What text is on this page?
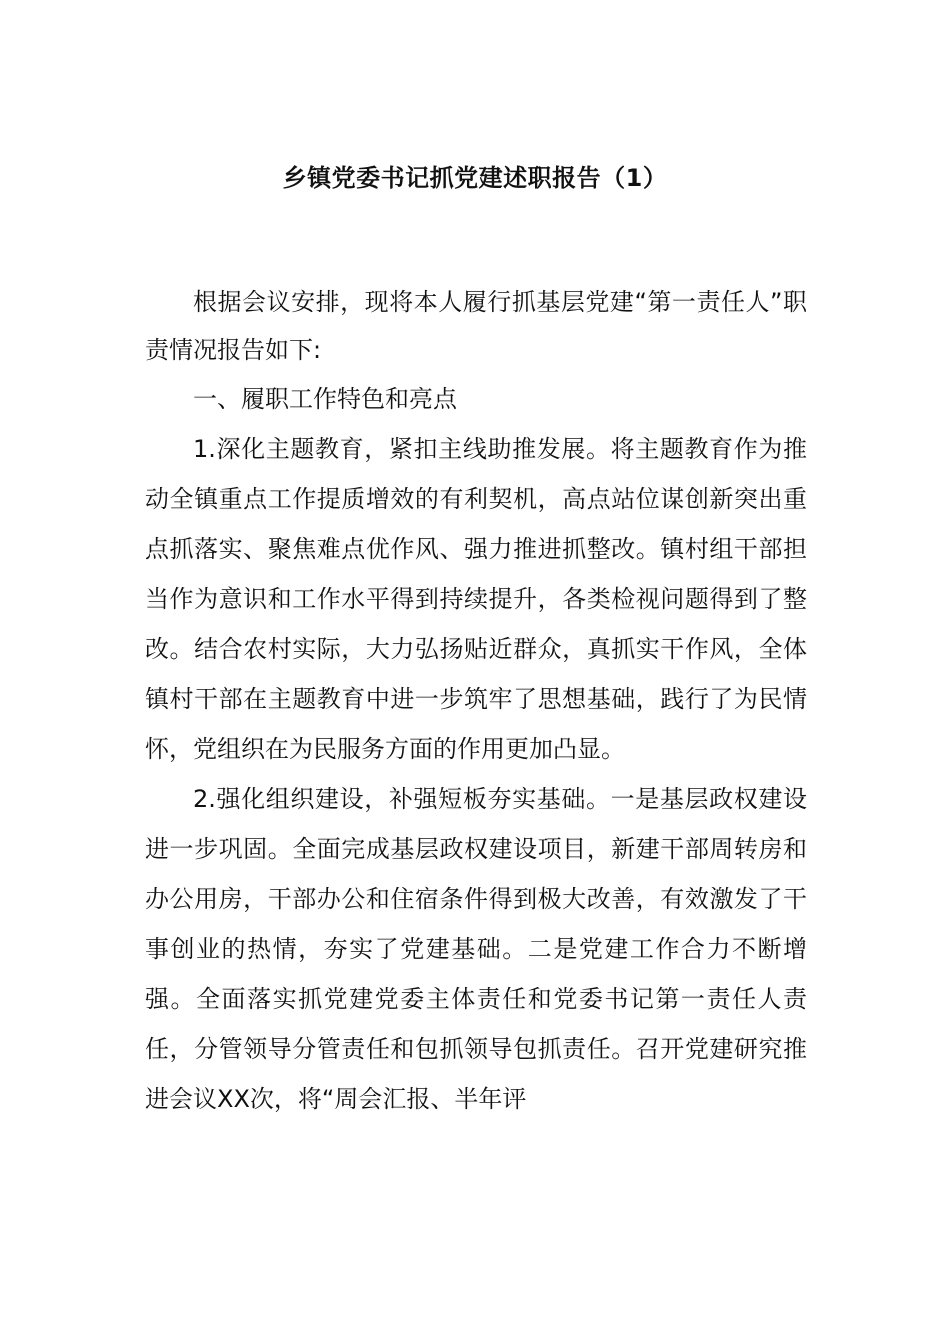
乡镇党委书记抓党建述职报告（1）

根据会议安排，现将本人履行抓基层党建“第一责任人”职责情况报告如下:

一、履职工作特色和亮点

1.深化主题教育，紧扣主线助推发展。将主题教育作为推动全镇重点工作提质增效的有利契机，高点站位谋创新突出重点抓落实、聚焦难点优作风、强力推进抓整改。镇村组干部担当作为意识和工作水平得到持续提升，各类检视问题得到了整改。结合农村实际，大力弘扬贴近群众，真抓实干作风，全体镇村干部在主题教育中进一步筑牢了思想基础，践行了为民情怀，党组织在为民服务方面的作用更加凸显。

2.强化组织建设，补强短板夯实基础。一是基层政权建设进一步巩固。全面完成基层政权建设项目，新建干部周转房和办公用房，干部办公和住宿条件得到极大改善，有效激发了干事创业的热情，夯实了党建基础。二是党建工作合力不断增强。全面落实抓党建党委主体责任和党委书记第一责任人责任，分管领导分管责任和包抓领导包抓责任。召开党建研究推进会议XX次，将“周会汇报、半年评
